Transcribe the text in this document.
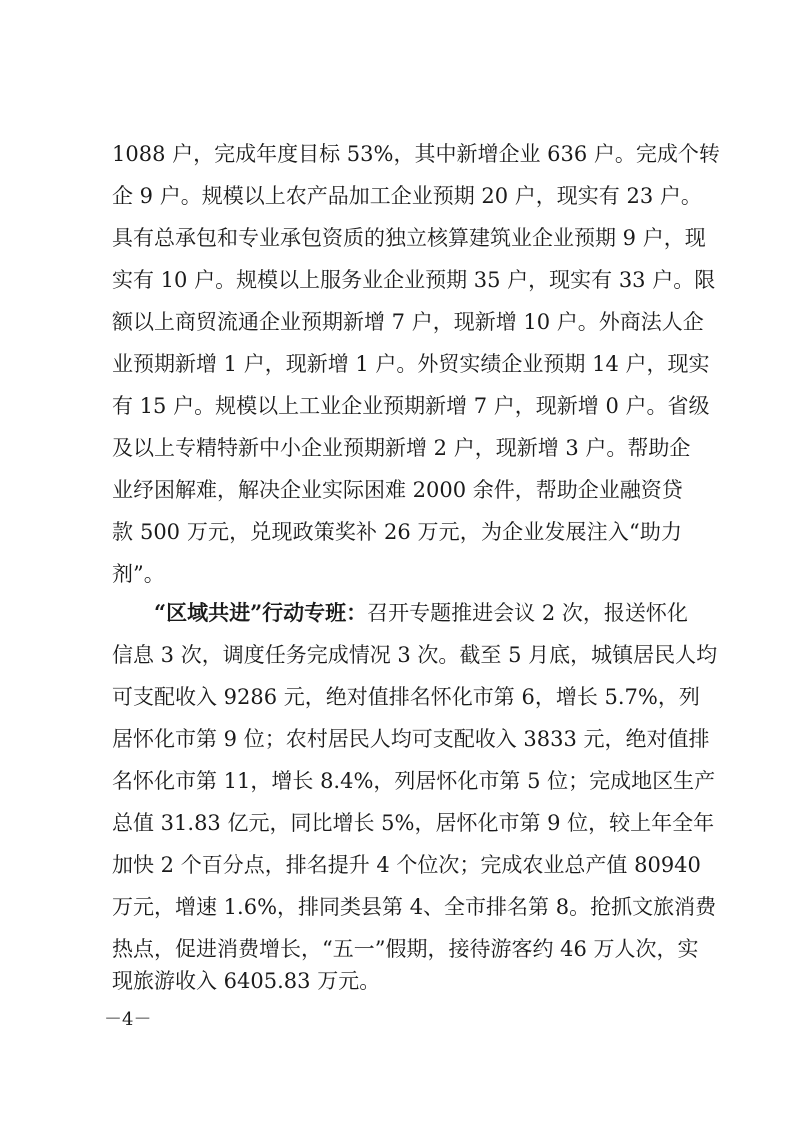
1088 户，完成年度目标 53%，其中新增企业 636 户。完成个转
企 9 户。规模以上农产品加工企业预期 20 户，现实有 23 户。
具有总承包和专业承包资质的独立核算建筑业企业预期 9 户，现
实有 10 户。规模以上服务业企业预期 35 户，现实有 33 户。限
额以上商贸流通企业预期新增 7 户，现新增 10 户。外商法人企
业预期新增 1 户，现新增 1 户。外贸实绩企业预期 14 户，现实
有 15 户。规模以上工业企业预期新增 7 户，现新增 0 户。省级
及以上专精特新中小企业预期新增 2 户，现新增 3 户。帮助企
业纾困解难，解决企业实际困难 2000 余件，帮助企业融资贷
款 500 万元，兑现政策奖补 26 万元，为企业发展注入“助力
剂”。
“区域共进”行动专班：召开专题推进会议 2 次，报送怀化
信息 3 次，调度任务完成情况 3 次。截至 5 月底，城镇居民人均
可支配收入 9286 元，绝对值排名怀化市第 6，增长 5.7%，列
居怀化市第 9 位；农村居民人均可支配收入 3833 元，绝对值排
名怀化市第 11，增长 8.4%，列居怀化市第 5 位；完成地区生产
总值 31.83 亿元，同比增长 5%，居怀化市第 9 位，较上年全年
加快 2 个百分点，排名提升 4 个位次；完成农业总产值 80940
万元，增速 1.6%，排同类县第 4、全市排名第 8。抢抓文旅消费
热点，促进消费增长，“五一”假期，接待游客约 46 万人次，实
现旅游收入 6405.83 万元。
－4－
